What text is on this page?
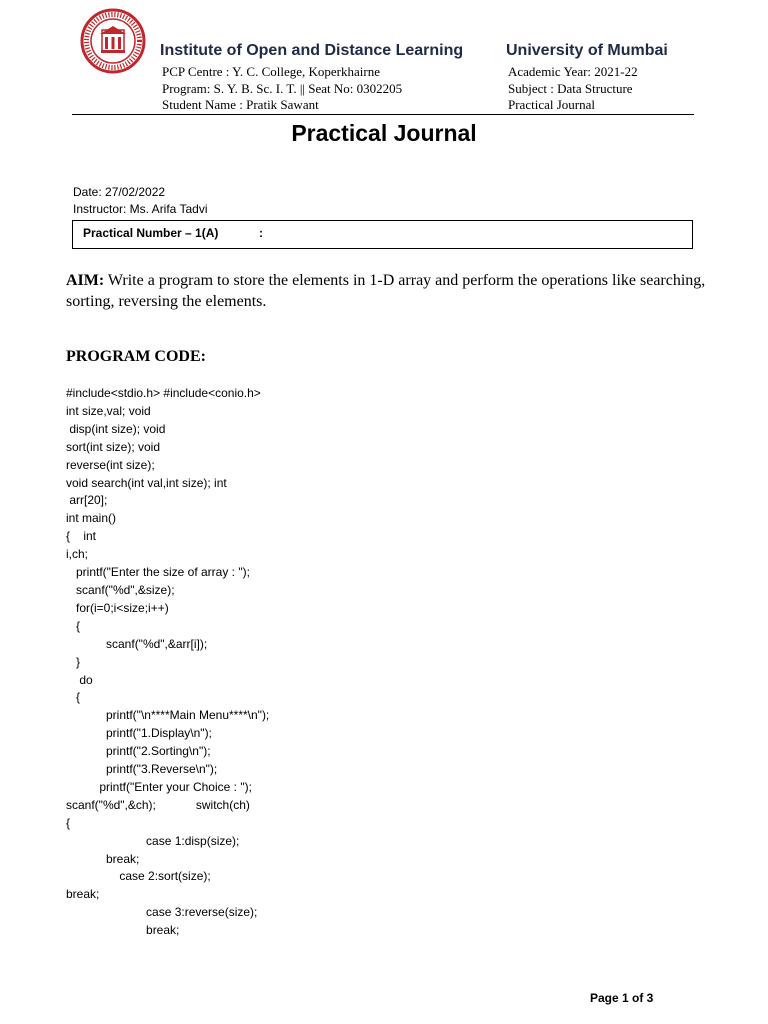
Institute of Open and Distance Learning	University of Mumbai
PCP Centre : Y. C. College, Koperkhairne
Program: S. Y. B. Sc. I. T. || Seat No: 0302205
Student Name : Pratik Sawant
Academic Year: 2021-22
Subject : Data Structure
Practical Journal
Practical Journal
Date: 27/02/2022
Instructor: Ms. Arifa Tadvi
Practical Number – 1(A)	:
AIM: Write a program to store the elements in 1-D array and perform the operations like searching, sorting, reversing the elements.
PROGRAM CODE:
#include<stdio.h> #include<conio.h>
int size,val; void
disp(int size); void
sort(int size); void
reverse(int size);
void search(int val,int size); int
arr[20];
int main()
{    int
i,ch;
printf("Enter the size of array : ");
scanf("%d",&size);
for(i=0;i<size;i++)
{
scanf("%d",&arr[i]);
}
do
{
printf("\n****Main Menu****\n");
printf("1.Display\n");
printf("2.Sorting\n");
printf("3.Reverse\n");
printf("Enter your Choice : ");
scanf("%d",&ch);            switch(ch)
{
case 1:disp(size);
break;
case 2:sort(size);
break;
case 3:reverse(size);
break;
Page 1 of 3
